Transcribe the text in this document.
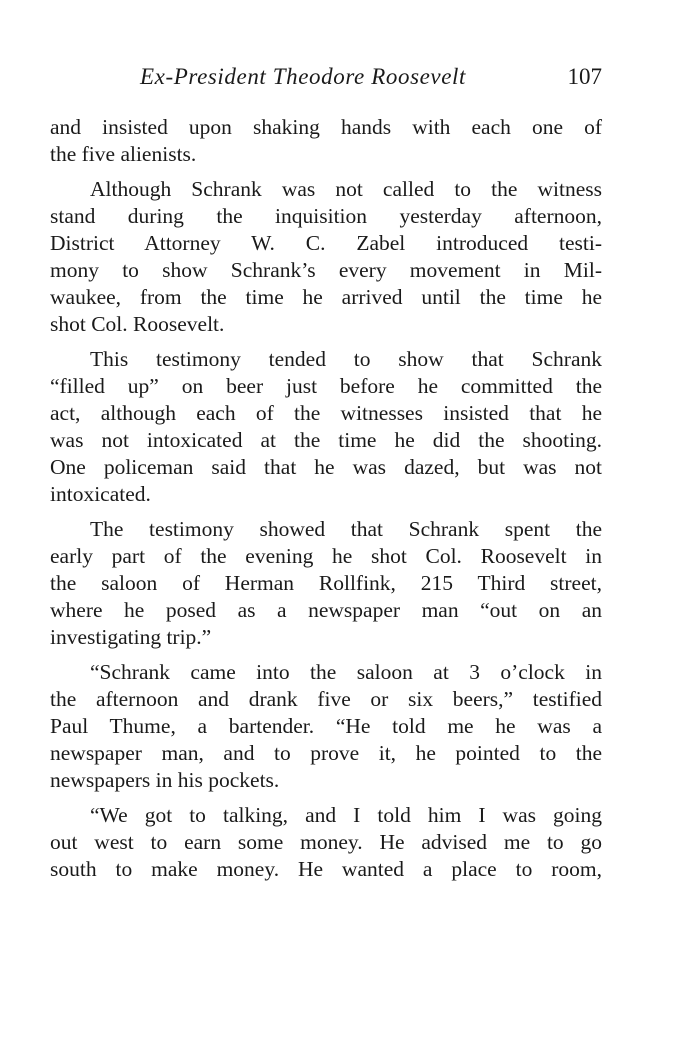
Ex-President Theodore Roosevelt	107
and insisted upon shaking hands with each one of
the five alienists.
Although Schrank was not called to the witness
stand during the inquisition yesterday afternoon,
District Attorney W. C. Zabel introduced testi-
mony to show Schrank’s every movement in Mil-
waukee, from the time he arrived until the time he
shot Col. Roosevelt.
This testimony tended to show that Schrank
“filled up” on beer just before he committed the
act, although each of the witnesses insisted that he
was not intoxicated at the time he did the shooting.
One policeman said that he was dazed, but was not
intoxicated.
The testimony showed that Schrank spent the
early part of the evening he shot Col. Roosevelt in
the saloon of Herman Rollfink, 215 Third street,
where he posed as a newspaper man “out on an
investigating trip.”
“Schrank came into the saloon at 3 o’clock in
the afternoon and drank five or six beers,” testified
Paul Thume, a bartender. “He told me he was a
newspaper man, and to prove it, he pointed to the
newspapers in his pockets.
“We got to talking, and I told him I was going
out west to earn some money. He advised me to go
south to make money. He wanted a place to room,
